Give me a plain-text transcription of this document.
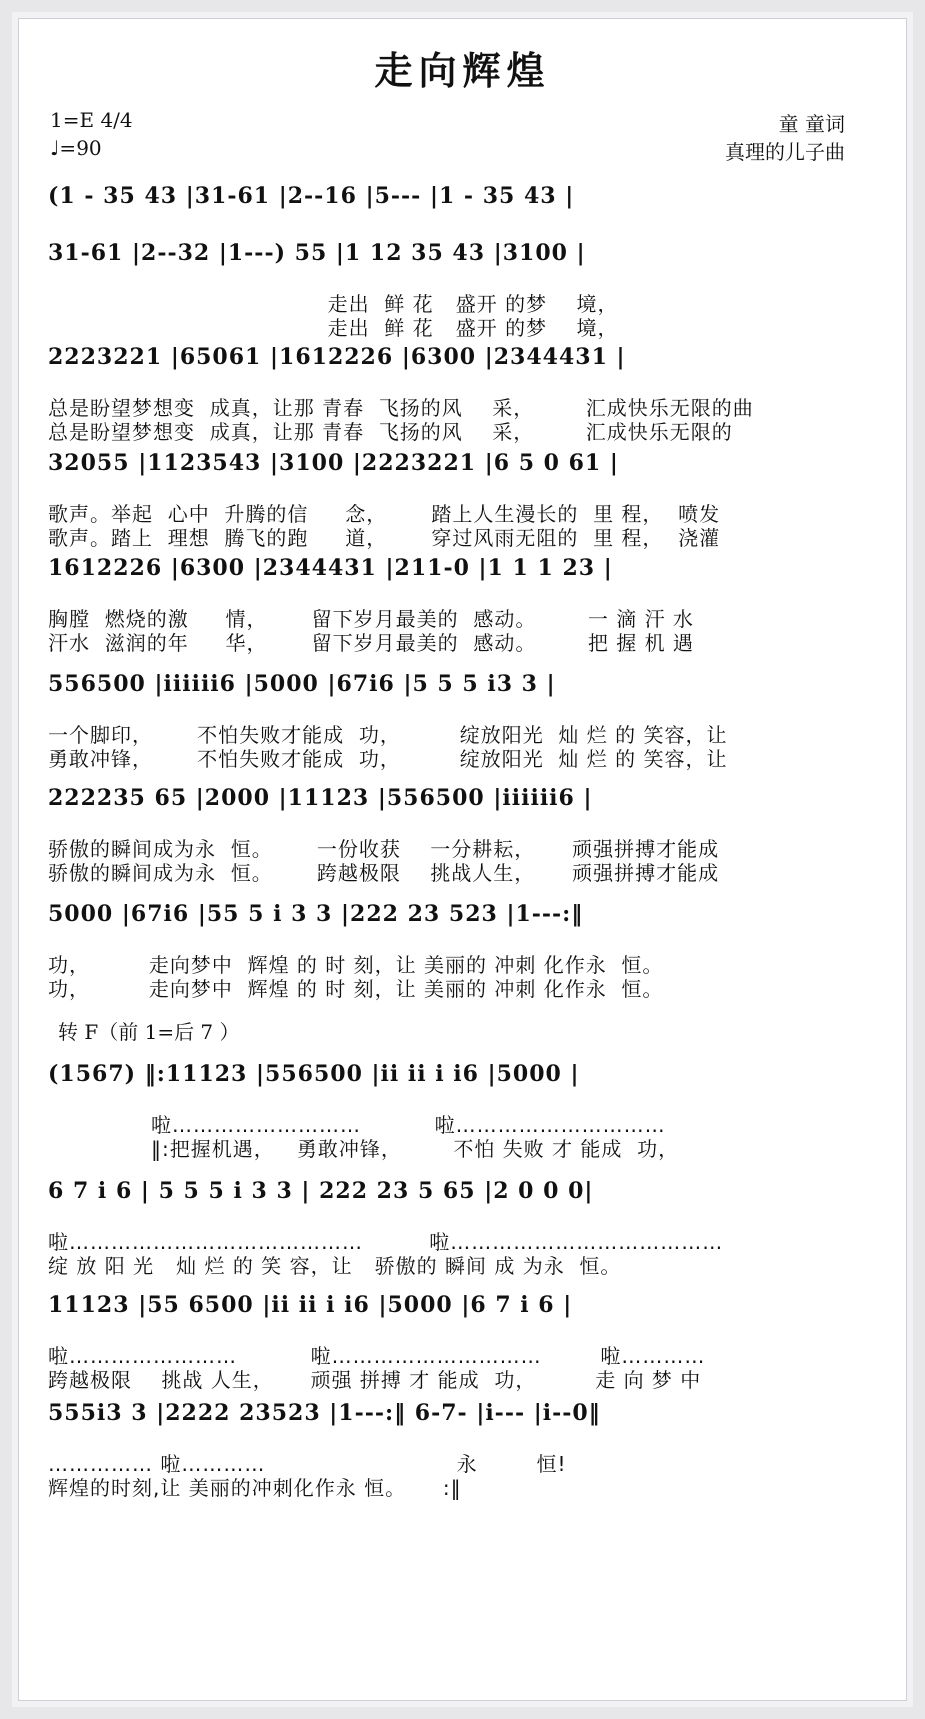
走向辉煌
1=E 4/4
♩=90
童 童词
真理的儿子曲
(1 - 35 43 |31-61 |2--16 |5--- |1 - 35 43 |
31-61 |2--32 |1---) 55 |1 12 35 43 |3100 |
走出  鲜 花   盛开 的梦    境，
走出  鲜 花   盛开 的梦    境，
2223221 |65061 |1612226 |6300 |2344431 |
总是盼望梦想变  成真，让那 青春  飞扬的风    采，       汇成快乐无限的曲
总是盼望梦想变  成真，让那 青春  飞扬的风    采，       汇成快乐无限的
32055 |1123543 |3100 |2223221 |6 5 0 61 |
歌声。举起  心中  升腾的信     念，      踏上人生漫长的  里 程，  喷发
歌声。踏上  理想  腾飞的跑     道，      穿过风雨无阻的  里 程，  浇灌
1612226 |6300 |2344431 |211-0 |1 1 1 23 |
胸膛  燃烧的激     情，      留下岁月最美的  感动。       一 滴 汗 水
汗水  滋润的年     华，      留下岁月最美的  感动。       把 握 机 遇
556500 |iiiiii6 |5000 |67i6 |5 5 5 i3 3 |
一个脚印，      不怕失败才能成  功，        绽放阳光  灿 烂 的 笑容，让
勇敢冲锋，      不怕失败才能成  功，        绽放阳光  灿 烂 的 笑容，让
222235 65 |2000 |11123 |556500 |iiiiii6 |
骄傲的瞬间成为永  恒。      一份收获    一分耕耘，     顽强拼搏才能成
骄傲的瞬间成为永  恒。      跨越极限    挑战人生，     顽强拼搏才能成
5000 |67i6 |55 5 i 3 3 |222 23 523 |1---:‖
功，        走向梦中  辉煌 的 时 刻，让 美丽的 冲刺 化作永  恒。
功，        走向梦中  辉煌 的 时 刻，让 美丽的 冲刺 化作永  恒。
(1567) ‖:11123 |556500 |ii ii i i6 |5000 |
啦………………………          啦…………………………
‖:把握机遇，   勇敢冲锋，       不怕 失败 才 能成  功，
6 7 i 6 | 5 5 5 i 3 3 | 222 23 5 65 |2 0 0 0|
啦……………………………………         啦…………………………………
绽 放 阳 光   灿 烂 的 笑 容，让   骄傲的 瞬间 成 为永  恒。
11123 |55 6500 |ii ii i i6 |5000 |6 7 i 6 |
啦……………………          啦…………………………        啦…………
跨越极限    挑战 人生，     顽强 拼搏 才 能成  功，        走 向 梦 中
555i3 3 |2222 23523 |1---:‖ 6-7- |i--- |i--0‖
…………… 啦…………                          永        恒!
辉煌的时刻,让 美丽的冲刺化作永 恒。     :‖
转 F（前 1=后 7 ）
